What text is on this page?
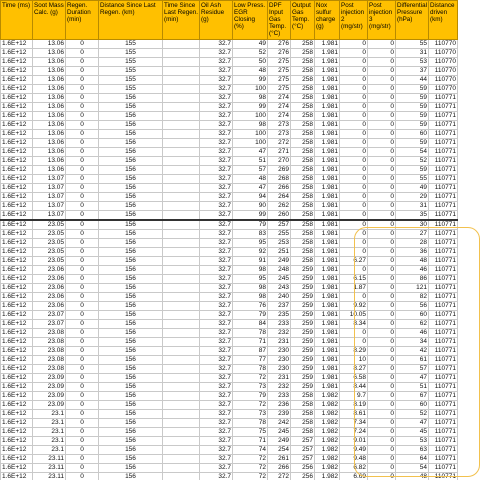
Time (ms)	Soot Mass Calc. (g)	Regen. Duration (min)	Distance Since Last Regen. (km)	Time Since Last Regen. (min)	Oil Ash Residue (g)	Low Press. EGR Closing (%)	DPF Input Gas Temp. (°C)	Output Gas Temp. (°C)	Nox sulfur charge (g)	Post injection 2 (mg/str)	Post injection 3 (mg/str)	Differential Pressure (hPa)	Distance driven (km)
1.6E+12	13.06	0	155		32.7	49	276	258	1.981	0	0	55	110770
1.6E+12	13.06	0	155		32.7	52	276	258	1.981	0	0	31	110770
1.6E+12	13.06	0	155		32.7	50	275	258	1.981	0	0	53	110770
1.6E+12	13.06	0	155		32.7	48	275	258	1.981	0	0	37	110770
1.6E+12	13.06	0	155		32.7	99	275	258	1.981	0	0	44	110770
1.6E+12	13.06	0	155		32.7	100	275	258	1.981	0	0	59	110770
1.6E+12	13.06	0	156		32.7	98	274	258	1.981	0	0	59	110771
1.6E+12	13.06	0	156		32.7	99	274	258	1.981	0	0	59	110771
1.6E+12	13.06	0	156		32.7	100	274	258	1.981	0	0	59	110771
1.6E+12	13.06	0	156		32.7	98	273	258	1.981	0	0	59	110771
1.6E+12	13.06	0	156		32.7	100	273	258	1.981	0	0	60	110771
1.6E+12	13.06	0	156		32.7	100	272	258	1.981	0	0	59	110771
1.6E+12	13.06	0	156		32.7	47	271	258	1.981	0	0	54	110771
1.6E+12	13.06	0	156		32.7	51	270	258	1.981	0	0	52	110771
1.6E+12	13.06	0	156		32.7	57	269	258	1.981	0	0	59	110771
1.6E+12	13.07	0	156		32.7	48	268	258	1.981	0	0	55	110771
1.6E+12	13.07	0	156		32.7	47	266	258	1.981	0	0	49	110771
1.6E+12	13.07	0	156		32.7	94	264	258	1.981	0	0	29	110771
1.6E+12	13.07	0	156		32.7	90	262	258	1.981	0	0	31	110771
1.6E+12	13.07	0	156		32.7	99	260	258	1.981	0	0	35	110771
1.6E+12	23.05	0	156		32.7	79	257	258	1.981	0	0	30	110771
1.6E+12	23.05	0	156		32.7	83	255	258	1.981	0	0	27	110771
1.6E+12	23.05	0	156		32.7	95	253	258	1.981	0	0	28	110771
1.6E+12	23.05	0	156		32.7	92	251	258	1.981	0	0	36	110771
1.6E+12	23.05	0	156		32.7	91	249	258	1.981	6.27	0	48	110771
1.6E+12	23.06	0	156		32.7	98	248	259	1.981	0	0	46	110771
1.6E+12	23.06	0	156		32.7	95	245	259	1.981	6.15	0	86	110771
1.6E+12	23.06	0	156		32.7	98	243	259	1.981	1.87	0	121	110771
1.6E+12	23.06	0	156		32.7	98	240	259	1.981	0	0	82	110771
1.6E+12	23.06	0	156		32.7	76	237	259	1.981	9.92	0	56	110771
1.6E+12	23.07	0	156		32.7	79	235	259	1.981	10.05	0	60	110771
1.6E+12	23.07	0	156		32.7	84	233	259	1.981	8.34	0	62	110771
1.6E+12	23.08	0	156		32.7	78	232	259	1.981	0	0	46	110771
1.6E+12	23.08	0	156		32.7	71	231	259	1.981	0	0	34	110771
1.6E+12	23.08	0	156		32.7	87	230	259	1.981	8.29	0	42	110771
1.6E+12	23.08	0	156		32.7	77	230	259	1.981	10	0	61	110771
1.6E+12	23.08	0	156		32.7	78	230	259	1.981	8.27	0	57	110771
1.6E+12	23.09	0	156		32.7	72	231	259	1.981	6.58	0	47	110771
1.6E+12	23.09	0	156		32.7	73	232	259	1.981	8.44	0	51	110771
1.6E+12	23.09	0	156		32.7	79	233	258	1.982	9.7	0	67	110771
1.6E+12	23.09	0	156		32.7	72	236	258	1.982	8.19	0	60	110771
1.6E+12	23.1	0	156		32.7	73	239	258	1.982	8.61	0	52	110771
1.6E+12	23.1	0	156		32.7	78	242	258	1.982	7.34	0	47	110771
1.6E+12	23.1	0	156		32.7	75	245	258	1.982	7.24	0	45	110771
1.6E+12	23.1	0	156		32.7	71	249	257	1.982	9.01	0	53	110771
1.6E+12	23.1	0	156		32.7	74	254	257	1.982	9.49	0	63	110771
1.6E+12	23.11	0	156		32.7	72	261	257	1.982	9.48	0	64	110771
1.6E+12	23.11	0	156		32.7	72	266	256	1.982	6.82	0	54	110771
1.6E+12	23.11	0	156		32.7	72	272	256	1.982	6.69	0	48	110771
